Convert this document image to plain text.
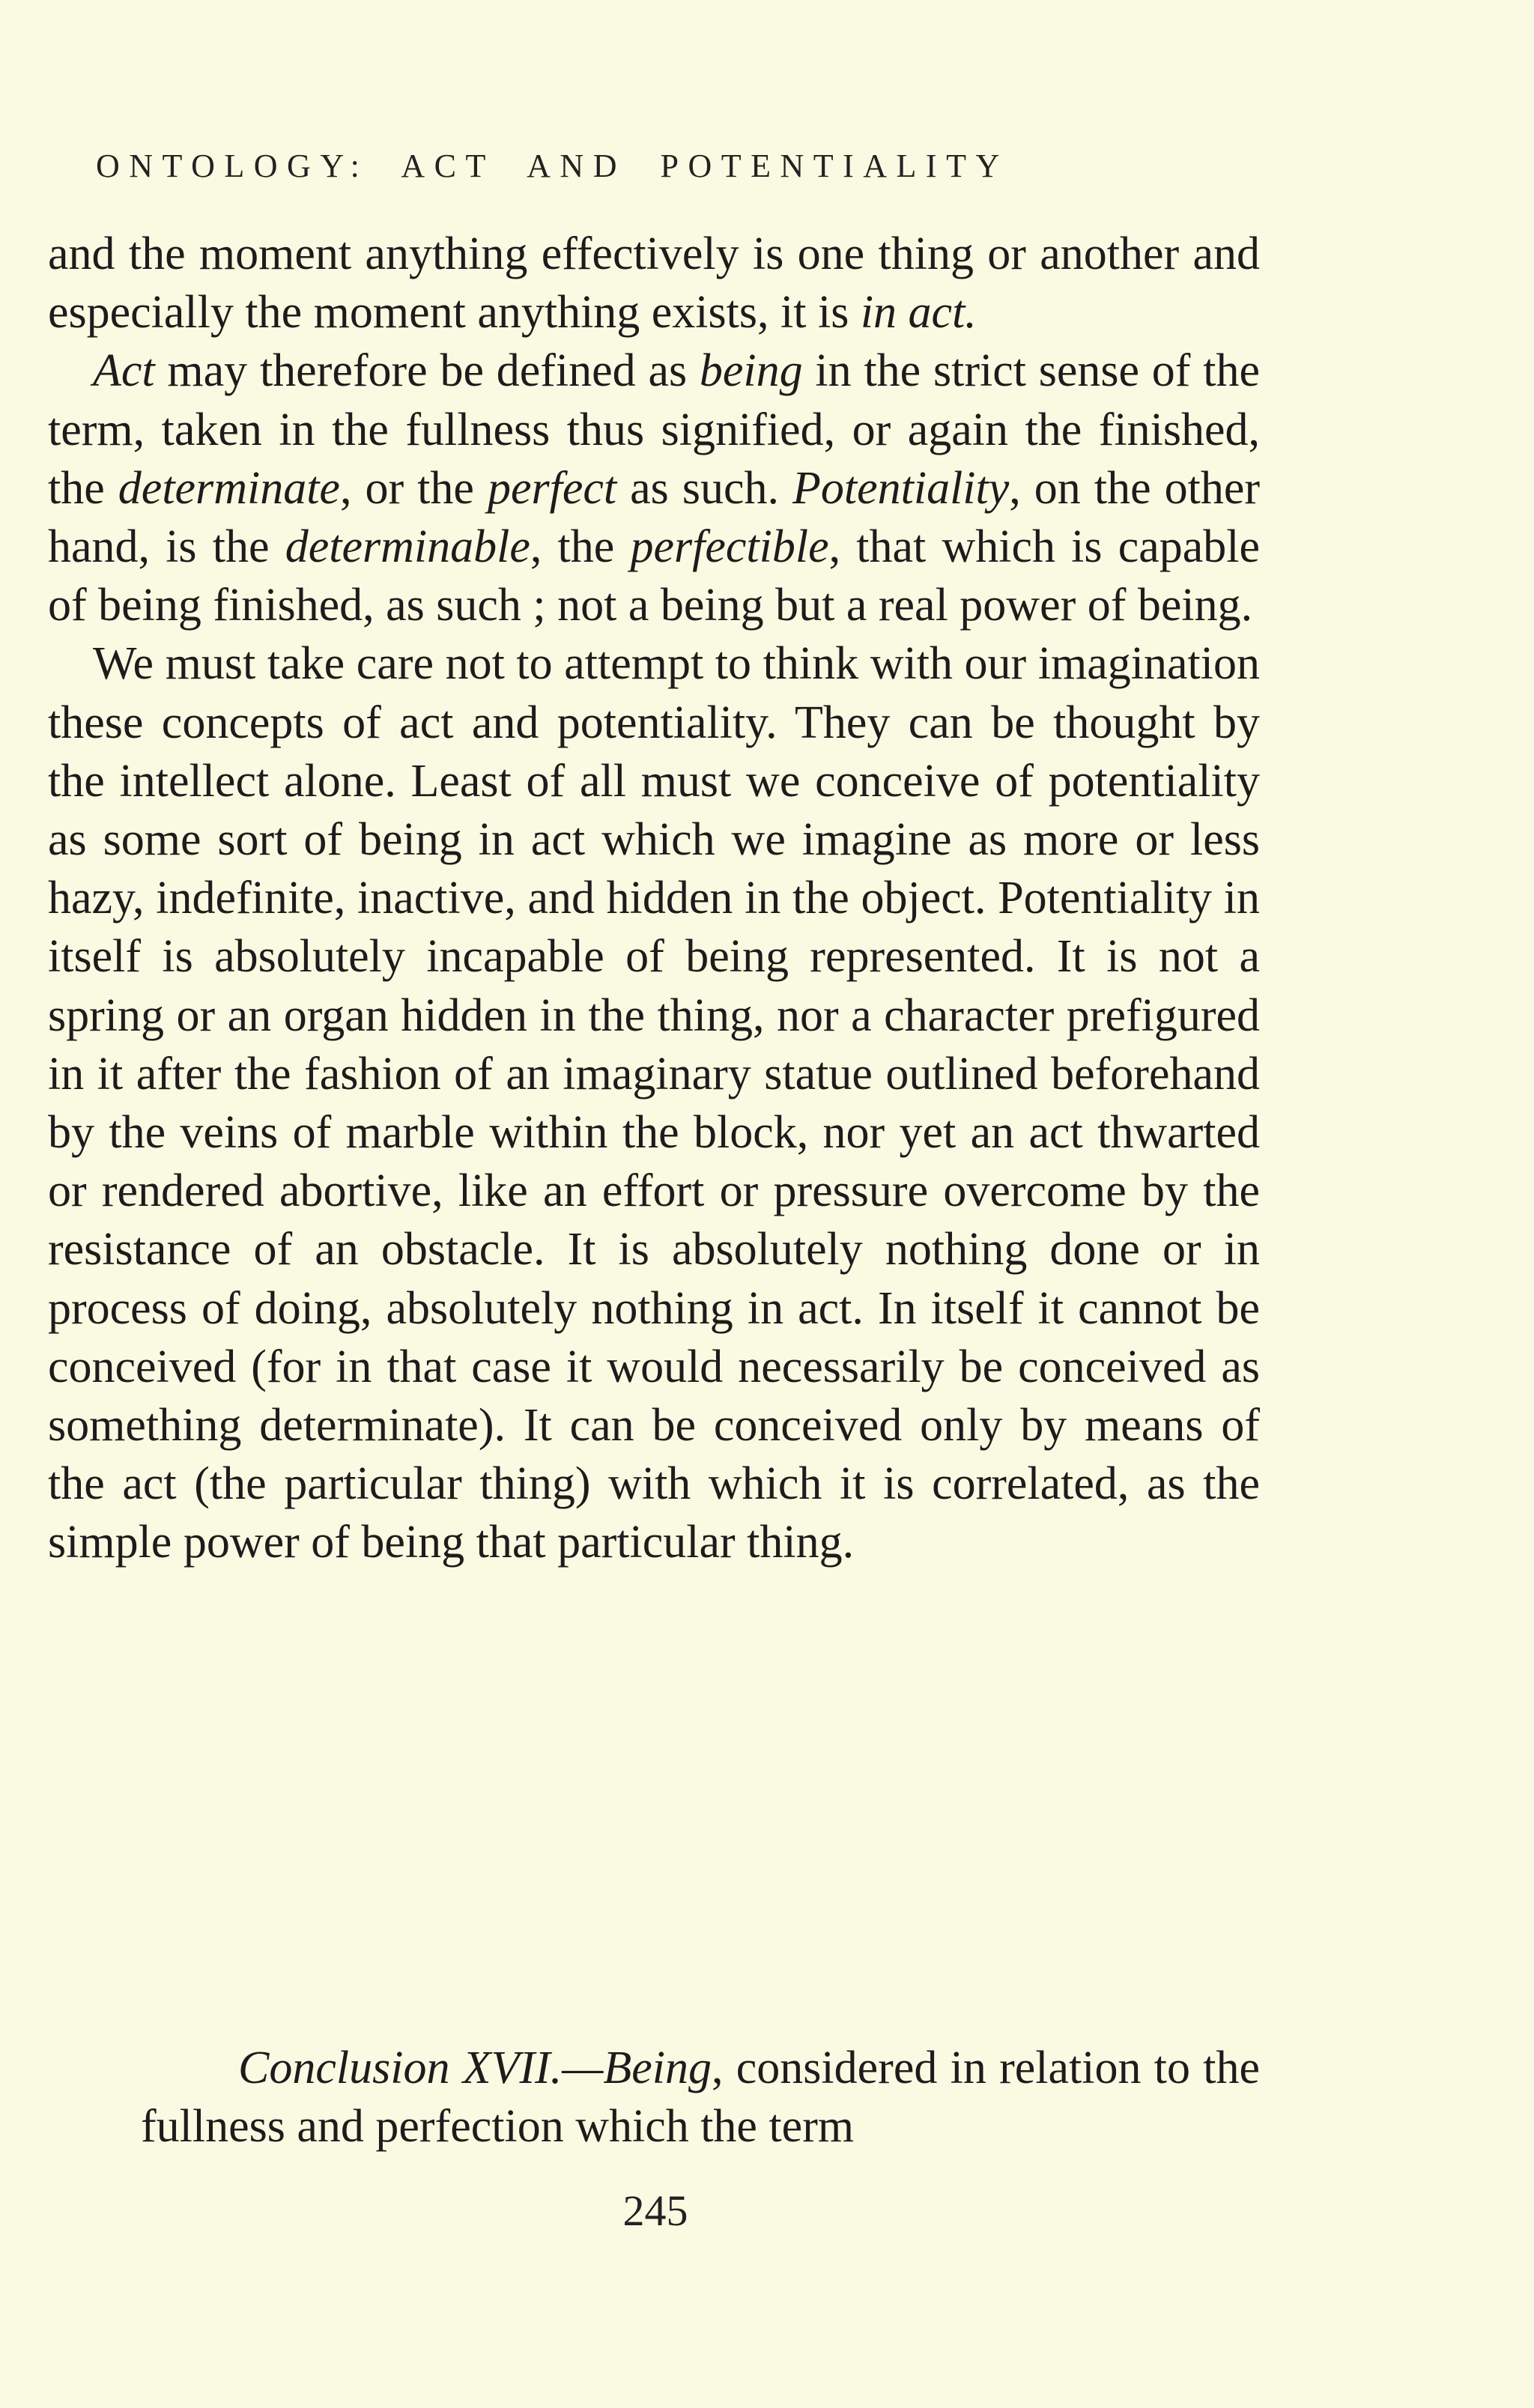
ONTOLOGY: ACT AND POTENTIALITY

and the moment anything effectively is one thing or another and especially the moment anything exists, it is in act.

Act may therefore be defined as being in the strict sense of the term, taken in the fullness thus signified, or again the finished, the determinate, or the perfect as such. Potentiality, on the other hand, is the determinable, the perfectible, that which is capable of being finished, as such ; not a being but a real power of being.

We must take care not to attempt to think with our imagination these concepts of act and potentiality. They can be thought by the intellect alone. Least of all must we conceive of potentiality as some sort of being in act which we imagine as more or less hazy, indefinite, inactive, and hidden in the object. Potentiality in itself is absolutely incapable of being represented. It is not a spring or an organ hidden in the thing, nor a character prefigured in it after the fashion of an imaginary statue outlined beforehand by the veins of marble within the block, nor yet an act thwarted or rendered abortive, like an effort or pressure overcome by the resistance of an obstacle. It is absolutely nothing done or in process of doing, absolutely nothing in act. In itself it cannot be conceived (for in that case it would necessarily be conceived as something determinate). It can be conceived only by means of the act (the particular thing) with which it is correlated, as the simple power of being that particular thing.

Conclusion XVII.—Being, considered in relation to the fullness and perfection which the term
245
